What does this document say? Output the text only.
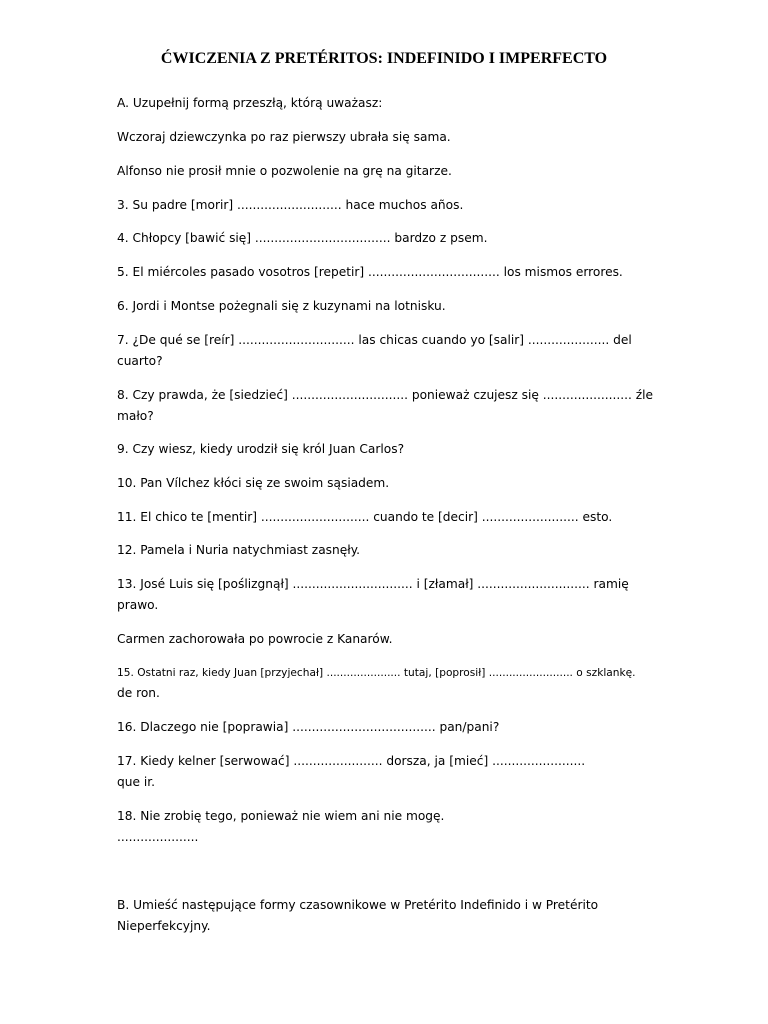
ĆWICZENIA Z PRETÉRITOS: INDEFINIDO I IMPERFECTO
A. Uzupełnij formą przeszłą, którą uważasz:
Wczoraj dziewczynka po raz pierwszy ubrała się sama.
Alfonso nie prosił mnie o pozwolenie na grę na gitarze.
3. Su padre [morir] ........................... hace muchos años.
4. Chłopcy [bawić się] ................................... bardzo z psem.
5. El miércoles pasado vosotros [repetir] .................................. los mismos errores.
6. Jordi i Montse pożegnali się z kuzynami na lotnisku.
7. ¿De qué se [reír] .............................. las chicas cuando yo [salir] ..................... del
cuarto?
8. Czy prawda, że [siedzieć] .............................. ponieważ czujesz się ....................... źle
mało?
9. Czy wiesz, kiedy urodził się król Juan Carlos?
10. Pan Vílchez kłóci się ze swoim sąsiadem.
11. El chico te [mentir] ............................ cuando te [decir] ......................... esto.
12. Pamela i Nuria natychmiast zasnęły.
13. José Luis się [poślizgnął] ............................... i [złamał] ............................. ramię
prawo.
Carmen zachorowała po powrocie z Kanarów.
15. Ostatni raz, kiedy Juan [przyjechał] ...................... tutaj, [poprosił] ......................... o szklankę.
de ron.
16. Dlaczego nie [poprawia] ..................................... pan/pani?
17. Kiedy kelner [serwować] ....................... dorsza, ja [mieć] ........................
que ir.
18. Nie zrobię tego, ponieważ nie wiem ani nie mogę.
.....................
B. Umieść następujące formy czasownikowe w Pretérito Indefinido i w Pretérito
Nieperfekcyjny.
